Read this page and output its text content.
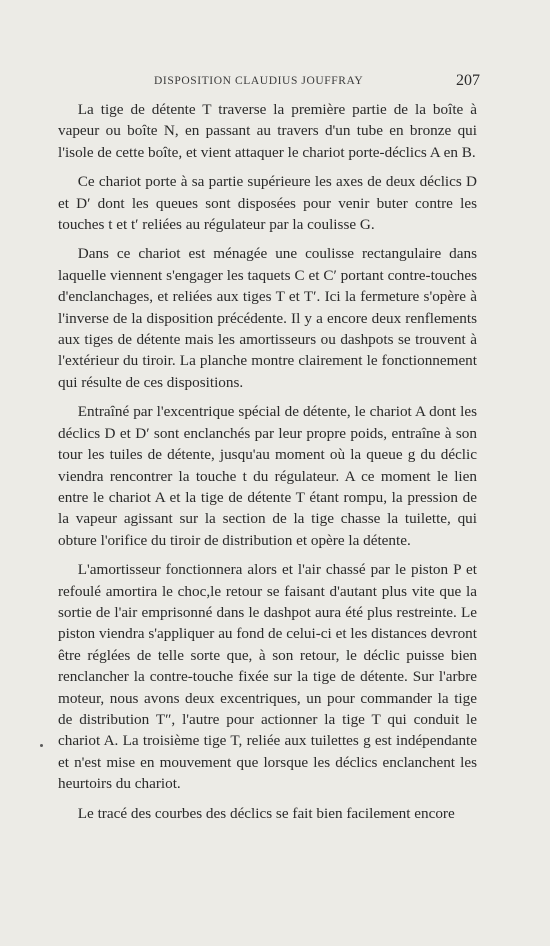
DISPOSITION CLAUDIUS JOUFFRAY	207

La tige de détente T traverse la première partie de la boîte à vapeur ou boîte N, en passant au travers d'un tube en bronze qui l'isole de cette boîte, et vient attaquer le chariot porte-déclics A en B.

Ce chariot porte à sa partie supérieure les axes de deux déclics D et D′ dont les queues sont disposées pour venir buter contre les touches t et t′ reliées au régulateur par la coulisse G.

Dans ce chariot est ménagée une coulisse rectangulaire dans laquelle viennent s'engager les taquets C et C′ portant contre-touches d'enclanchages, et reliées aux tiges T et T′. Ici la fermeture s'opère à l'inverse de la disposition précédente. Il y a encore deux renflements aux tiges de détente mais les amortisseurs ou dashpots se trouvent à l'extérieur du tiroir. La planche montre clairement le fonctionnement qui résulte de ces dispositions.

Entraîné par l'excentrique spécial de détente, le chariot A dont les déclics D et D′ sont enclanchés par leur propre poids, entraîne à son tour les tuiles de détente, jusqu'au moment où la queue g du déclic viendra rencontrer la touche t du régulateur. A ce moment le lien entre le chariot A et la tige de détente T étant rompu, la pression de la vapeur agissant sur la section de la tige chasse la tuilette, qui obture l'orifice du tiroir de distribution et opère la détente.

L'amortisseur fonctionnera alors et l'air chassé par le piston P et refoulé amortira le choc,le retour se faisant d'autant plus vite que la sortie de l'air emprisonné dans le dashpot aura été plus restreinte. Le piston viendra s'appliquer au fond de celui-ci et les distances devront être réglées de telle sorte que, à son retour, le déclic puisse bien renclancher la contre-touche fixée sur la tige de détente. Sur l'arbre moteur, nous avons deux excentriques, un pour commander la tige de distribution T″, l'autre pour actionner la tige T qui conduit le chariot A. La troisième tige T, reliée aux tuilettes g est indépendante et n'est mise en mouvement que lorsque les déclics enclanchent les heurtoirs du chariot.

Le tracé des courbes des déclics se fait bien facilement encore
